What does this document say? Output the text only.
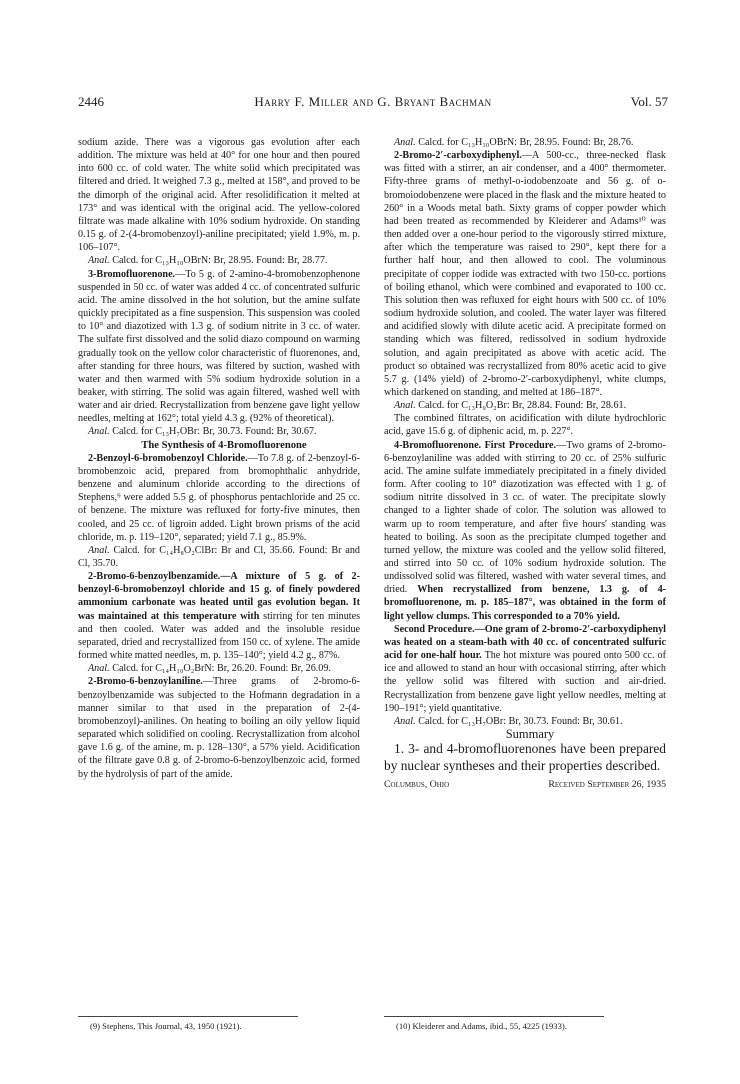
2446	Harry F. Miller and G. Bryant Bachman	Vol. 57

sodium azide. There was a vigorous gas evolution after each addition. The mixture was held at 40° for one hour and then poured into 600 cc. of cold water. The white solid which precipitated was filtered and dried. It weighed 7.3 g., melted at 158°, and proved to be the dimorph of the original acid. After resolidification it melted at 173° and was identical with the original acid. The yellow-colored filtrate was made alkaline with 10% sodium hydroxide. On standing 0.15 g. of 2-(4-bromobenzoyl)-aniline precipitated; yield 1.9%, m. p. 106–107°.

Anal. Calcd. for C₁₃H₁₀OBrN: Br, 28.95. Found: Br, 28.77.

3-Bromofluorenone.—To 5 g. of 2-amino-4-bromobenzophenone suspended in 50 cc. of water was added 4 cc. of concentrated sulfuric acid. The amine dissolved in the hot solution, but the amine sulfate quickly precipitated as a fine suspension. This suspension was cooled to 10° and diazotized with 1.3 g. of sodium nitrite in 3 cc. of water. The sulfate first dissolved and the solid diazo compound on warming gradually took on the yellow color characteristic of fluorenones, and, after standing for three hours, was filtered by suction, washed with water and then warmed with 5% sodium hydroxide solution in a beaker, with stirring. The solid was again filtered, washed well with water and air dried. Recrystallization from benzene gave light yellow needles, melting at 162°; total yield 4.3 g. (92% of theoretical).

Anal. Calcd. for C₁₃H₇OBr: Br, 30.73. Found: Br, 30.67.

The Synthesis of 4-Bromofluorenone

2-Benzoyl-6-bromobenzoyl Chloride.—To 7.8 g. of 2-benzoyl-6-bromobenzoic acid, prepared from bromophthalic anhydride, benzene and aluminum chloride according to the directions of Stephens,⁹ were added 5.5 g. of phosphorus pentachloride and 25 cc. of benzene. The mixture was refluxed for forty-five minutes, then cooled, and 25 cc. of ligroin added. Light brown prisms of the acid chloride, m. p. 119–120°, separated; yield 7.1 g., 85.9%.

Anal. Calcd. for C₁₄H₈O₂ClBr: Br and Cl, 35.66. Found: Br and Cl, 35.70.

2-Bromo-6-benzoylbenzamide.—A mixture of 5 g. of 2-benzoyl-6-bromobenzoyl chloride and 15 g. of finely powdered ammonium carbonate was heated until gas evolution began. It was maintained at this temperature with stirring for ten minutes and then cooled. Water was added and the insoluble residue separated, dried and recrystallized from 150 cc. of xylene. The amide formed white matted needles, m. p. 135–140°; yield 4.2 g., 87%.

Anal. Calcd. for C₁₄H₁₀O₂BrN: Br, 26.20. Found: Br, 26.09.

2-Bromo-6-benzoylaniline.—Three grams of 2-bromo-6-benzoylbenzamide was subjected to the Hofmann degradation in a manner similar to that used in the preparation of 2-(4-bromobenzoyl)-anilines. On heating to boiling an oily yellow liquid separated which solidified on cooling. Recrystallization from alcohol gave 1.6 g. of the amine, m. p. 128–130°, a 57% yield. Acidification of the filtrate gave 0.8 g. of 2-bromo-6-benzoylbenzoic acid, formed by the hydrolysis of part of the amide.

(9) Stephens, This Journal, 43, 1950 (1921).

Anal. Calcd. for C₁₃H₁₀OBrN: Br, 28.95. Found: Br, 28.76.

2-Bromo-2′-carboxydiphenyl.—A 500-cc., three-necked flask was fitted with a stirrer, an air condenser, and a 400° thermometer. Fifty-three grams of methyl-o-iodobenzoate and 56 g. of o-bromoiodobenzene were placed in the flask and the mixture heated to 260° in a Woods metal bath. Sixty grams of copper powder which had been treated as recommended by Kleiderer and Adams¹⁰ was then added over a one-hour period to the vigorously stirred mixture, after which the temperature was raised to 290°, kept there for a further half hour, and then allowed to cool. The voluminous precipitate of copper iodide was extracted with two 150-cc. portions of boiling ethanol, which were combined and evaporated to 100 cc. This solution then was refluxed for eight hours with 500 cc. of 10% sodium hydroxide solution, and cooled. The water layer was filtered and acidified slowly with dilute acetic acid. A precipitate formed on standing which was filtered, redissolved in sodium hydroxide solution, and again precipitated as above with acetic acid. The product so obtained was recrystallized from 80% acetic acid to give 5.7 g. (14% yield) of 2-bromo-2′-carboxydiphenyl, white clumps, which darkened on standing, and melted at 186–187°.

Anal. Calcd. for C₁₃H₉O₂Br: Br, 28.84. Found: Br, 28.61.

The combined filtrates, on acidification with dilute hydrochloric acid, gave 15.6 g. of diphenic acid, m. p. 227°.

4-Bromofluorenone. First Procedure.—Two grams of 2-bromo-6-benzoylaniline was added with stirring to 20 cc. of 25% sulfuric acid. The amine sulfate immediately precipitated in a finely divided form. After cooling to 10° diazotization was effected with 1 g. of sodium nitrite dissolved in 3 cc. of water. The precipitate slowly changed to a lighter shade of color. The solution was allowed to warm up to room temperature, and after five hours' standing was heated to boiling. As soon as the precipitate clumped together and turned yellow, the mixture was cooled and the yellow solid filtered, and stirred into 50 cc. of 10% sodium hydroxide solution. The undissolved solid was filtered, washed with water several times, and dried. When recrystallized from benzene, 1.3 g. of 4-bromofluorenone, m. p. 185–187°, was obtained in the form of light yellow clumps. This corresponded to a 70% yield.

Second Procedure.—One gram of 2-bromo-2′-carboxydiphenyl was heated on a steam-bath with 40 cc. of concentrated sulfuric acid for one-half hour. The hot mixture was poured onto 500 cc. of ice and allowed to stand an hour with occasional stirring, after which the yellow solid was filtered with suction and air-dried. Recrystallization from benzene gave light yellow needles, melting at 190–191°; yield quantitative.

Anal. Calcd. for C₁₃H₇OBr: Br, 30.73. Found: Br, 30.61.

Summary

1. 3- and 4-bromofluorenones have been prepared by nuclear syntheses and their properties described.

Columbus, Ohio	Received September 26, 1935
(10) Kleiderer and Adams, ibid., 55, 4225 (1933).
